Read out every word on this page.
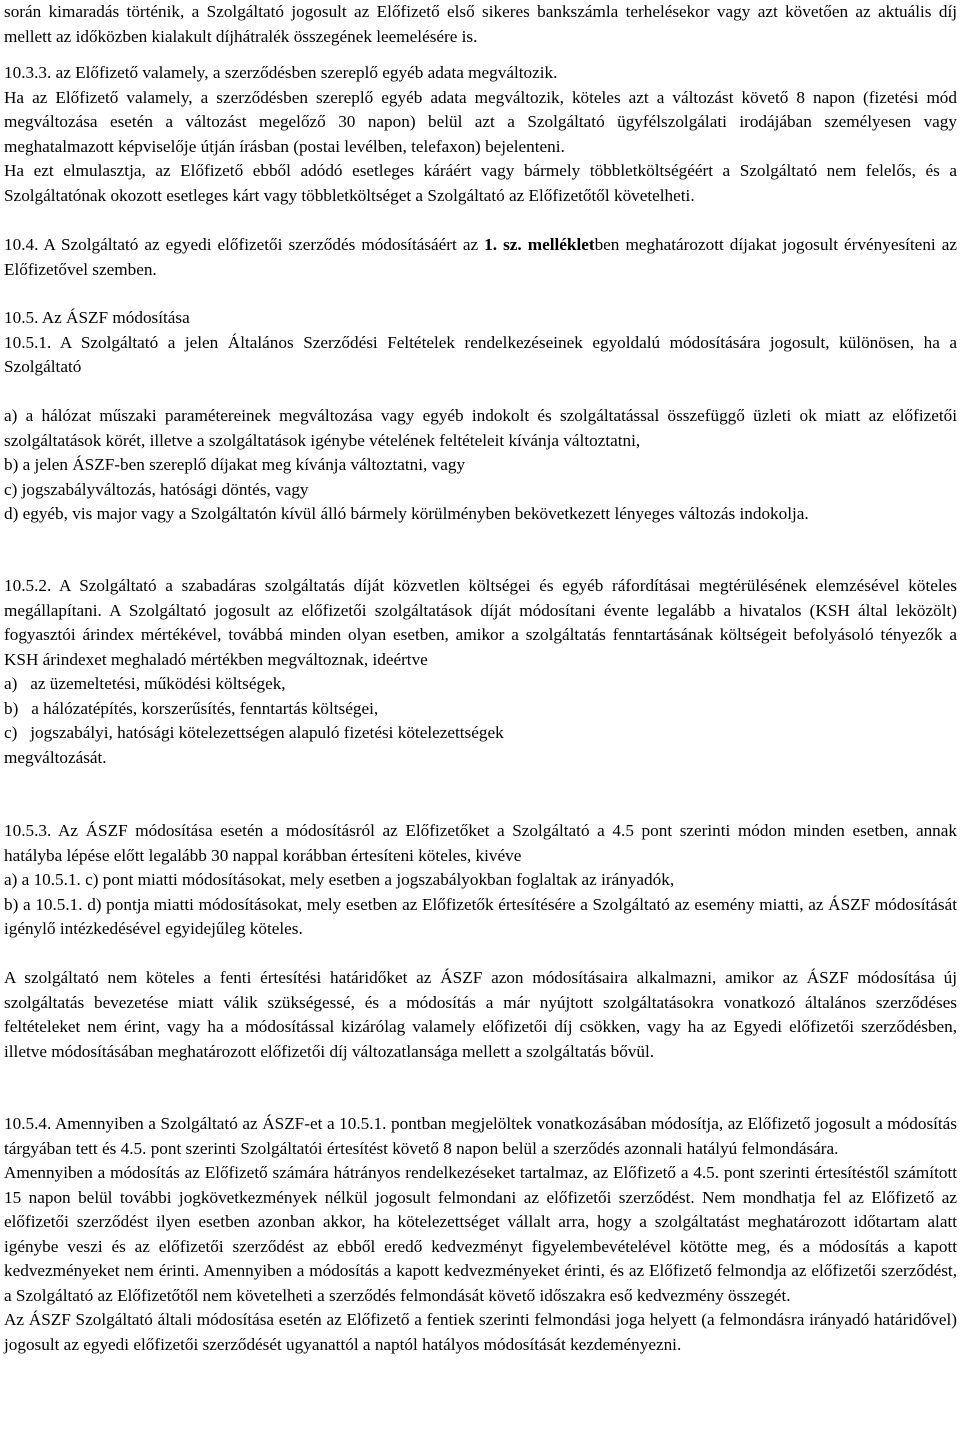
során kimaradás történik, a Szolgáltató jogosult az Előfizető első sikeres bankszámla terhelésekor vagy azt követően az aktuális díj mellett az időközben kialakult díjhátralék összegének leemelésére is.

10.3.3. az Előfizető valamely, a szerződésben szereplő egyéb adata megváltozik.

Ha az Előfizető valamely, a szerződésben szereplő egyéb adata megváltozik, köteles azt a változást követő 8 napon (fizetési mód megváltozása esetén a változást megelőző 30 napon) belül azt a Szolgáltató ügyfélszolgálati irodájában személyesen vagy meghatalmazott képviselője útján írásban (postai levélben, telefaxon) bejelenteni.

Ha ezt elmulasztja, az Előfizető ebből adódó esetleges káráért vagy bármely többletköltségéért a Szolgáltató nem felelős, és a Szolgáltatónak okozott esetleges kárt vagy többletköltséget a Szolgáltató az Előfizetőtől követelheti.

10.4. A Szolgáltató az egyedi előfizetői szerződés módosításáért az 1. sz. mellékletben meghatározott díjakat jogosult érvényesíteni az Előfizetővel szemben.

10.5. Az ÁSZF módosítása

10.5.1. A Szolgáltató a jelen Általános Szerződési Feltételek rendelkezéseinek egyoldalú módosítására jogosult, különösen, ha a Szolgáltató

a) a hálózat műszaki paramétereinek megváltozása vagy egyéb indokolt és szolgáltatással összefüggő üzleti ok miatt az előfizetői szolgáltatások körét, illetve a szolgáltatások igénybe vételének feltételeit kívánja változtatni,

b) a jelen ÁSZF-ben szereplő díjakat meg kívánja változtatni, vagy

c) jogszabályváltozás, hatósági döntés, vagy

d) egyéb, vis major vagy a Szolgáltatón kívül álló bármely körülményben bekövetkezett lényeges változás indokolja.

10.5.2. A Szolgáltató a szabadáras szolgáltatás díját közvetlen költségei és egyéb ráfordításai megtérülésének elemzésével köteles megállapítani. A Szolgáltató jogosult az előfizetői szolgáltatások díját módosítani évente legalább a hivatalos (KSH által leközölt) fogyasztói árindex mértékével, továbbá minden olyan esetben, amikor a szolgáltatás fenntartásának költségeit befolyásoló tényezők a KSH árindexet meghaladó mértékben megváltoznak, ideértve

a)   az üzemeltetési, működési költségek,

b)   a hálózatépítés, korszerűsítés, fenntartás költségei,

c)   jogszabályi, hatósági kötelezettségen alapuló fizetési kötelezettségek

megváltozását.

10.5.3. Az ÁSZF módosítása esetén a módosításról az Előfizetőket a Szolgáltató a 4.5 pont szerinti módon minden esetben, annak hatályba lépése előtt legalább 30 nappal korábban értesíteni köteles, kivéve

a) a 10.5.1. c) pont miatti módosításokat, mely esetben a jogszabályokban foglaltak az irányadók,

b) a 10.5.1. d) pontja miatti módosításokat, mely esetben az Előfizetők értesítésére a Szolgáltató az esemény miatti, az ÁSZF módosítását igénylő intézkedésével egyidejűleg köteles.

A szolgáltató nem köteles a fenti értesítési határidőket az ÁSZF azon módosításaira alkalmazni, amikor az ÁSZF módosítása új szolgáltatás bevezetése miatt válik szükségessé, és a módosítás a már nyújtott szolgáltatásokra vonatkozó általános szerződéses feltételeket nem érint, vagy ha a módosítással kizárólag valamely előfizetői díj csökken, vagy ha az Egyedi előfizetői szerződésben, illetve módosításában meghatározott előfizetői díj változatlansága mellett a szolgáltatás bővül.

10.5.4. Amennyiben a Szolgáltató az ÁSZF-et a 10.5.1. pontban megjelöltek vonatkozásában módosítja, az Előfizető jogosult a módosítás tárgyában tett és 4.5. pont szerinti Szolgáltatói értesítést követő 8 napon belül a szerződés azonnali hatályú felmondására.

Amennyiben a módosítás az Előfizető számára hátrányos rendelkezéseket tartalmaz, az Előfizető a 4.5. pont szerinti értesítéstől számított 15 napon belül további jogkövetkezmények nélkül jogosult felmondani az előfizetői szerződést. Nem mondhatja fel az Előfizető az előfizetői szerződést ilyen esetben azonban akkor, ha kötelezettséget vállalt arra, hogy a szolgáltatást meghatározott időtartam alatt igénybe veszi és az előfizetői szerződést az ebből eredő kedvezményt figyelembevételével kötötte meg, és a módosítás a kapott kedvezményeket nem érinti. Amennyiben a módosítás a kapott kedvezményeket érinti, és az Előfizető felmondja az előfizetői szerződést, a Szolgáltató az Előfizetőtől nem követelheti a szerződés felmondását követő időszakra eső kedvezmény összegét.

Az ÁSZF Szolgáltató általi módosítása esetén az Előfizető a fentiek szerinti felmondási joga helyett (a felmondásra irányadó határidővel) jogosult az egyedi előfizetői szerződését ugyanattól a naptól hatályos módosítását kezdeményezni.
